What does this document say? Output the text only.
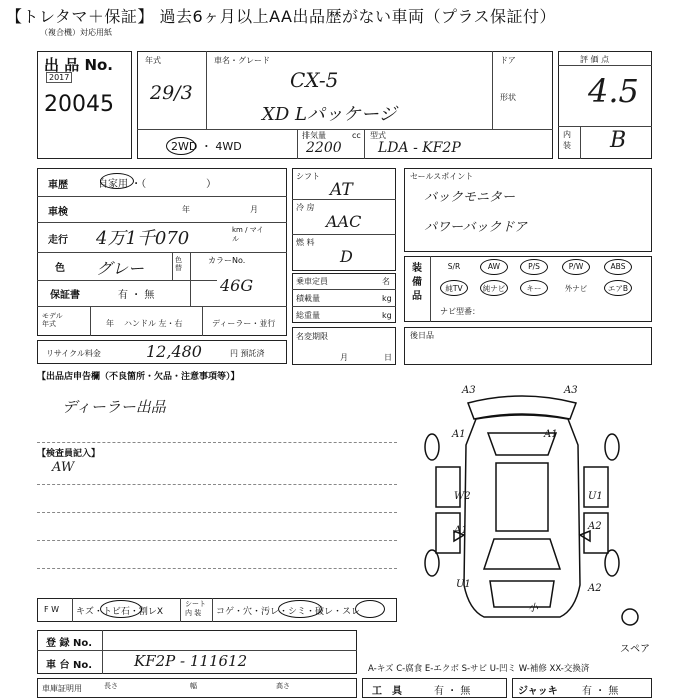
【トレタマ＋保証】 過去6ヶ月以上AA出品歴がない車両（プラス保証付）
（複合機）対応用紙
出 品 No.
2017
20045
年式
29/3
車名・グレード
CX-5
XD Lパッケージ
ドア
形状
2WD ・ 4WD
排気量
2200
cc 型式
LDA - KF2P
評 価 点
4.5
内装 B
車歴	自家用 ・（　　　　　　）
車検	年	月
走行 4万1千070	km / マイル
色 グレー	色替
カラーNo.
46G
保証書	有 ・ 無
モデル 年式	年 ハンドル 左・右	ディーラー・並行
リサイクル料金	12,480	円 預託済
シフト
AT
冷 房
AAC
燃 料
D
乗車定員	名
積載量	kg
総重量	kg
名変期限
月	日
セールスポイント
バックモニター
パワーバックドア
装 備 品
S/R	AW	P/S	P/W	ABS
純TV	純ナビ	キー	外ナビ	エアB
ナビ型番：
後日品
【出品店申告欄（不良箇所・欠品・注意事項等）】
ディーラー出品
【検査員記入】
AW
A3	A3
A1	A1
W2	U1
A1	A2
U1	A2
小
F W キズ・トビ石・割レX
シート 内 装	コゲ・穴・汚レ・シミ・破レ・スレ
登 録 No.
車 台 No.	KF2P - 111612
スペア
A-キズ C-腐食 E-エクボ S-サビ U-凹ミ W-補修 XX-交換済
車庫証明用	長さ	幅	高さ	工　具	有 ・ 無	ジャッキ 有 ・ 無
